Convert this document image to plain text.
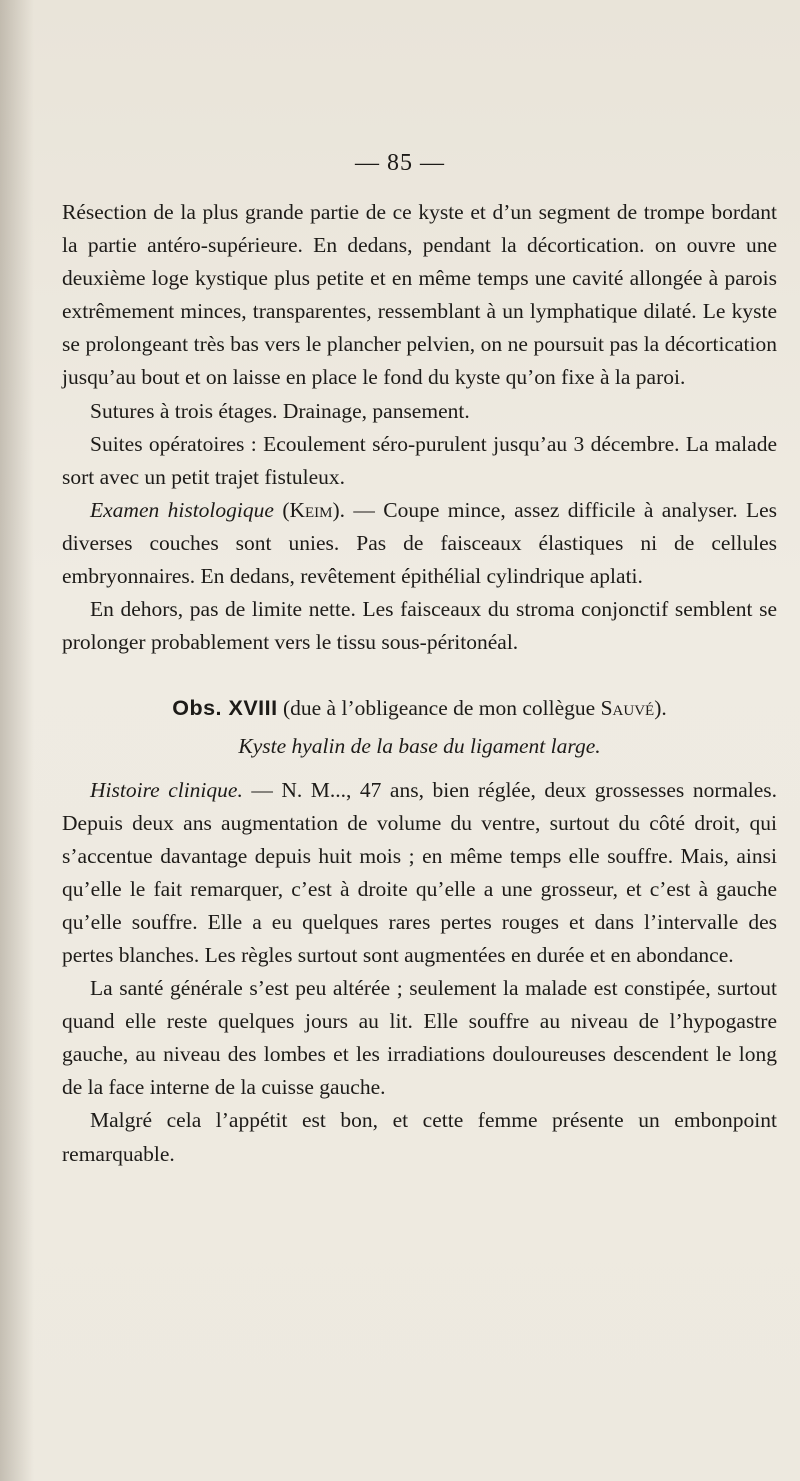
— 85 —

Résection de la plus grande partie de ce kyste et d’un segment de trompe bordant la partie antéro-supérieure. En dedans, pendant la décortication. on ouvre une deuxième loge kystique plus petite et en même temps une cavité allongée à parois extrêmement minces, transparentes, ressemblant à un lymphatique dilaté. Le kyste se prolongeant très bas vers le plancher pelvien, on ne poursuit pas la décortication jusqu’au bout et on laisse en place le fond du kyste qu’on fixe à la paroi.

Sutures à trois étages. Drainage, pansement.

Suites opératoires : Ecoulement séro-purulent jusqu’au 3 décembre. La malade sort avec un petit trajet fistuleux.

Examen histologique (Keim). — Coupe mince, assez difficile à analyser. Les diverses couches sont unies. Pas de faisceaux élastiques ni de cellules embryonnaires. En dedans, revêtement épithélial cylindrique aplati.

En dehors, pas de limite nette. Les faisceaux du stroma conjonctif semblent se prolonger probablement vers le tissu sous-péritonéal.

Obs. XVIII (due à l’obligeance de mon collègue Sauvé).

Kyste hyalin de la base du ligament large.

Histoire clinique. — N. M..., 47 ans, bien réglée, deux grossesses normales. Depuis deux ans augmentation de volume du ventre, surtout du côté droit, qui s’accentue davantage depuis huit mois ; en même temps elle souffre. Mais, ainsi qu’elle le fait remarquer, c’est à droite qu’elle a une grosseur, et c’est à gauche qu’elle souffre. Elle a eu quelques rares pertes rouges et dans l’intervalle des pertes blanches. Les règles surtout sont augmentées en durée et en abondance.

La santé générale s’est peu altérée ; seulement la malade est constipée, surtout quand elle reste quelques jours au lit. Elle souffre au niveau de l’hypogastre gauche, au niveau des lombes et les irradiations douloureuses descendent le long de la face interne de la cuisse gauche.

Malgré cela l’appétit est bon, et cette femme présente un embonpoint remarquable.
